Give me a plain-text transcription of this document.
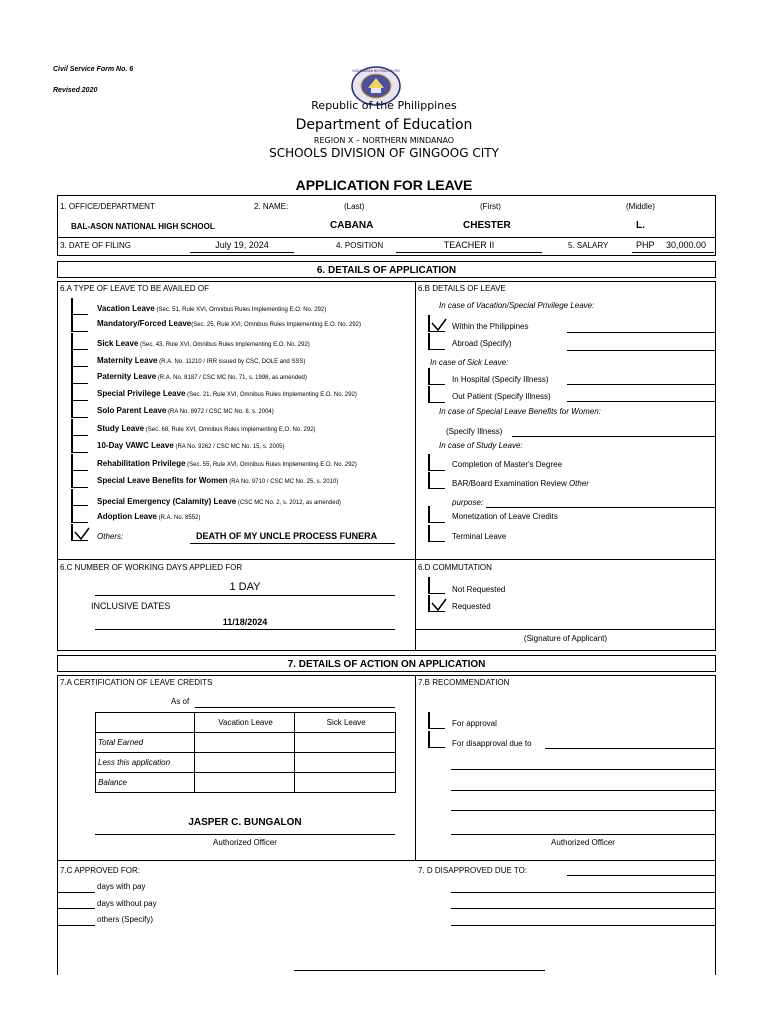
Civil Service Form No. 6
Revised 2020
KAGAWARAN NG EDUKASYON
Republic of the Philippines
Department of Education
REGION X – NORTHERN MINDANAO
SCHOOLS DIVISION OF GINGOOG CITY
APPLICATION FOR LEAVE
1. OFFICE/DEPARTMENT	2. NAME:	(Last)	(First)	(Middle)
BAL-ASON NATIONAL HIGH SCHOOL	CABANA	CHESTER	L.
3. DATE OF FILING	July 19, 2024	4. POSITION	TEACHER II	5. SALARY	PHP 30,000.00
6. DETAILS OF APPLICATION
6.A TYPE OF LEAVE TO BE AVAILED OF	6.B DETAILS OF LEAVE
Vacation Leave (Sec. 51, Rule XVI, Omnibus Rules Implementing E.O. No. 292)
Mandatory/Forced Leave(Sec. 25, Rule XVI, Omnibus Rules Implementing E.O. No. 292)
Sick Leave (Sec. 43, Rule XVI, Omnibus Rules Implementing E.O. No. 292)
Maternity Leave (R.A. No. 11210 / IRR issued by CSC, DOLE and SSS)
Paternity Leave (R.A. No. 8187 / CSC MC No. 71, s. 1998, as amended)
Special Privilege Leave (Sec. 21, Rule XVI, Omnibus Rules Implementing E.O. No. 292)
Solo Parent Leave (RA No. 8972 / CSC MC No. 8, s. 2004)
Study Leave (Sec. 68, Rule XVI, Omnibus Rules Implementing E.O. No. 292)
10-Day VAWC Leave (RA No. 9262 / CSC MC No. 15, s. 2005)
Rehabilitation Privilege (Sec. 55, Rule XVI, Omnibus Rules Implementing E.O. No. 292)
Special Leave Benefits for Women (RA No. 9710 / CSC MC No. 25, s. 2010)
Special Emergency (Calamity) Leave (CSC MC No. 2, s. 2012, as amended)
Adoption Leave (R.A. No. 8552)
Others:	DEATH OF MY UNCLE PROCESS FUNERA
In case of Vacation/Special Privilege Leave:
Within the Philippines
Abroad (Specify)
In case of Sick Leave:
In Hospital (Specify Illness)
Out Patient (Specify Illness)
In case of Special Leave Benefits for Women:
(Specify Illness)
In case of Study Leave:
Completion of Master's Degree
BAR/Board Examination Review Other
purpose:
Monetization of Leave Credits
Terminal Leave
6.C NUMBER OF WORKING DAYS APPLIED FOR
1 DAY
INCLUSIVE DATES
11/18/2024
6.D COMMUTATION
Not Requested
Requested
(Signature of Applicant)
7. DETAILS OF ACTION ON APPLICATION
7.A CERTIFICATION OF LEAVE CREDITS
As of
	Vacation Leave	Sick Leave
Total Earned		
Less this application		
Balance		
JASPER C. BUNGALON
Authorized Officer
7.B RECOMMENDATION
For approval
For disapproval due to
Authorized Officer
7.C APPROVED FOR:
days with pay
days without pay
others (Specify)
7. D DISAPPROVED DUE TO:
